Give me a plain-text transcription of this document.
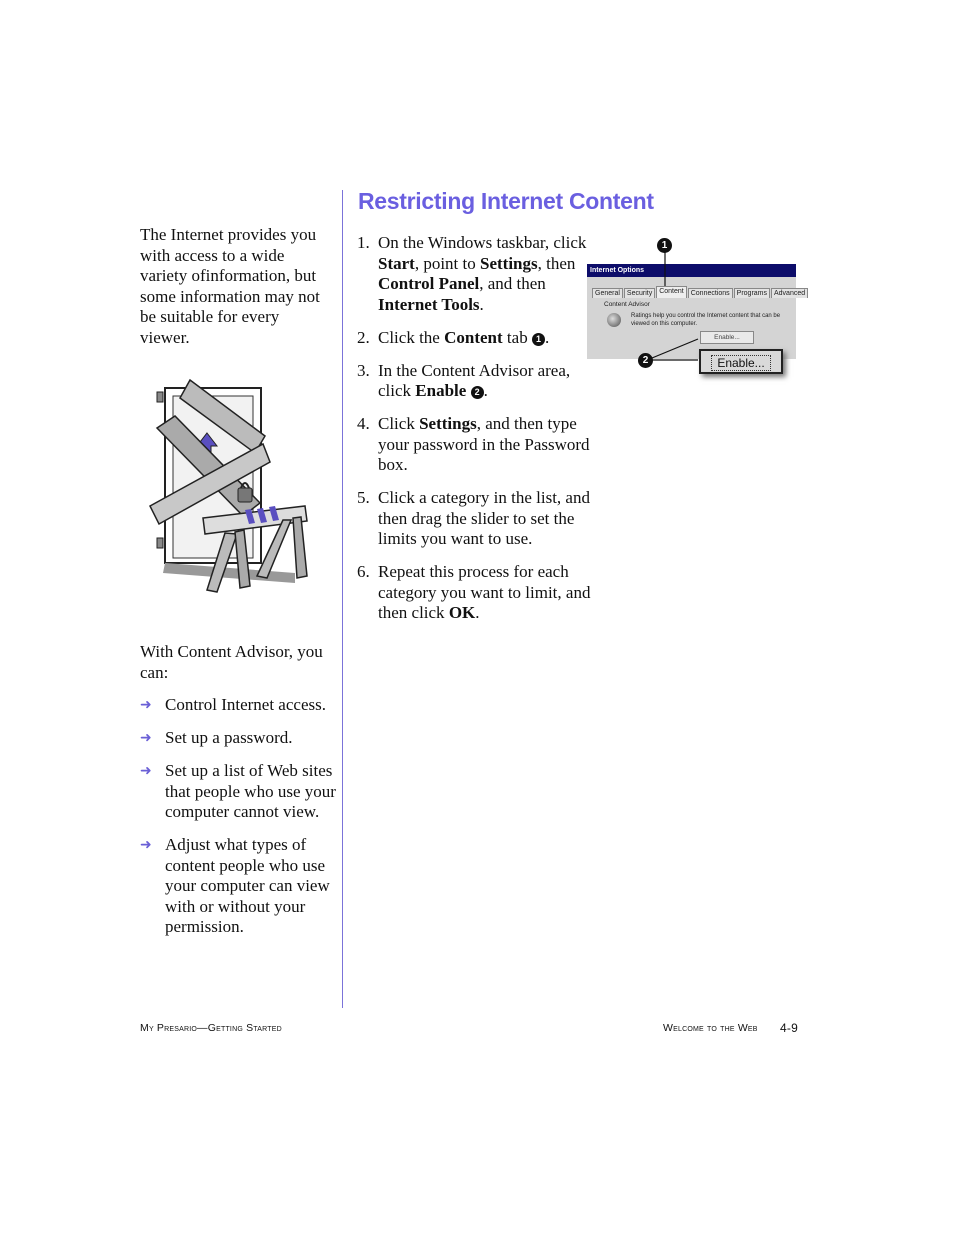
The Internet provides you with access to a wide variety ofinformation, but some information may not be suitable for every viewer.
With Content Advisor, you can:
➜ Control Internet access.
➜ Set up a password.
➜ Set up a list of Web sites that people who use your computer cannot view.
➜ Adjust what types of content people who use your computer can view with or without your permission.
Restricting Internet Content
1. On the Windows taskbar, click Start, point to Settings, then Control Panel, and then Internet Tools.
2. Click the Content tab 1 .
3. In the Content Advisor area, click Enable 2 .
4. Click Settings, and then type your password in the Password box.
5. Click a category in the list, and then drag the slider to set the limits you want to use.
6. Repeat this process for each category you want to limit, and then click OK.
Internet Options
General Security Content Connections Programs Advanced
Content Advisor
Ratings help you control the Internet content that can be viewed on this computer.
Enable...
1
2	Enable...
My Presario—Getting Started	Welcome to the Web 4-9
